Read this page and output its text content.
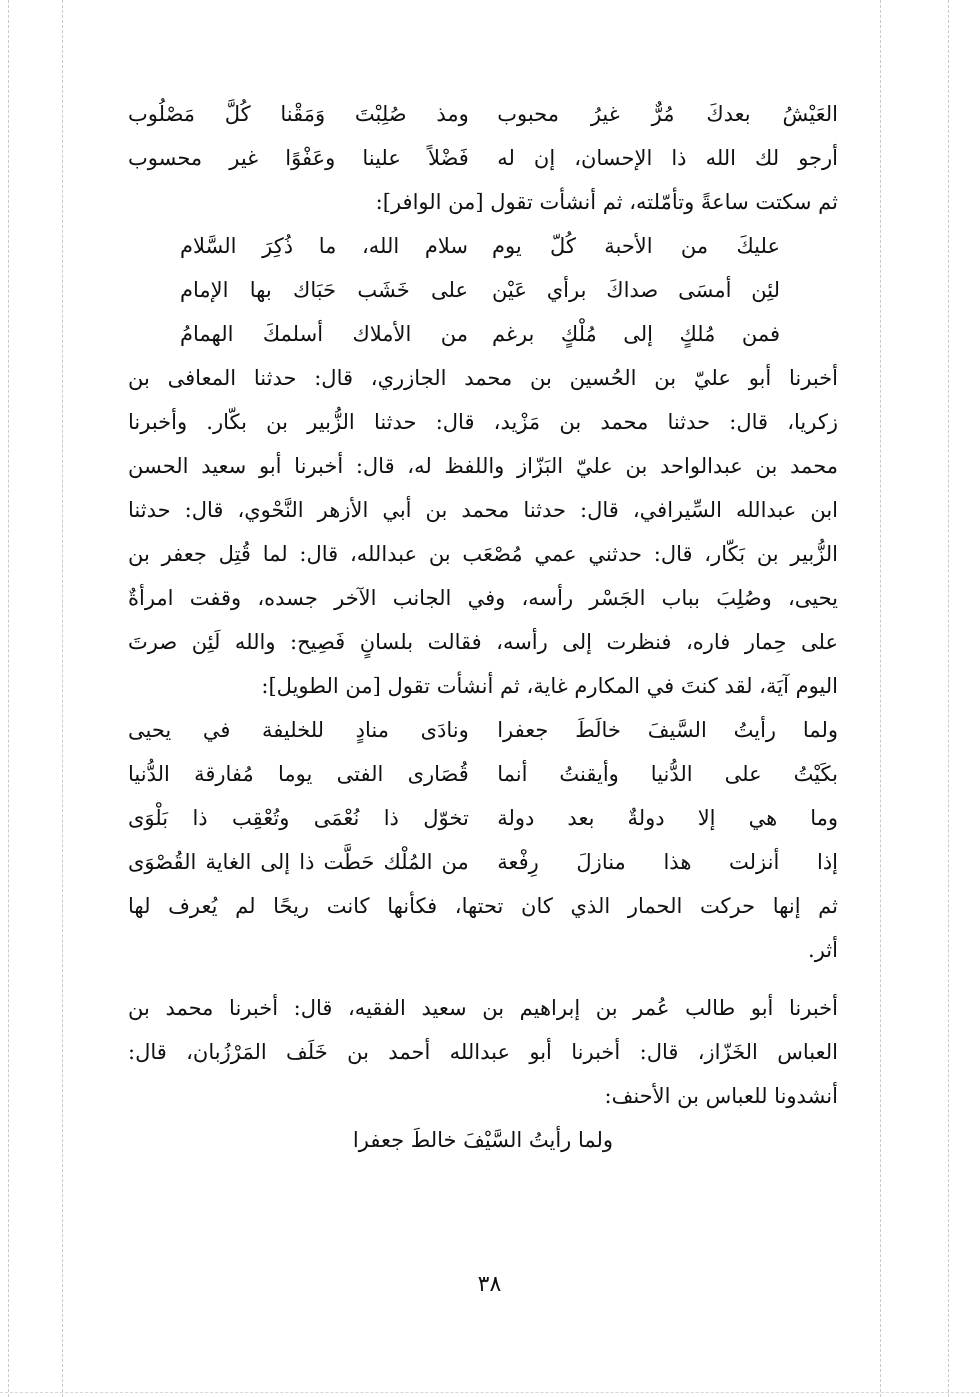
العَيْشُ بعدكَ مُرٌّ غيرُ محبوب
ومذ صُلِبْتَ وَمَقْنا كُلَّ مَصْلُوب
أرجو لك الله ذا الإحسان، إن له
فَضْلاً علينا وعَفْوًا غير محسوب
ثم سكتت ساعةً وتأمّلته، ثم أنشأت تقول [من الوافر]:
عليكَ من الأحبة كُلّ يوم
سلام الله، ما ذُكِرَ السَّلام
لئِن أمسَى صداكَ برأي عَيْن
على خَشَب حَبَاك بها الإمام
فمن مُلكٍ إلى مُلْكٍ برغم
من الأملاك أسلمكَ الهمامُ
أخبرنا أبو عليّ بن الحُسين بن محمد الجازري، قال: حدثنا المعافى بن
زكريا، قال: حدثنا محمد بن مَزْيد، قال: حدثنا الزُّبير بن بكّار. وأخبرنا
محمد بن عبدالواحد بن عليّ البَزّاز واللفظ له، قال: أخبرنا أبو سعيد الحسن
ابن عبدالله السِّيرافي، قال: حدثنا محمد بن أبي الأزهر النَّحْوي، قال: حدثنا
الزُّبير بن بَكّار، قال: حدثني عمي مُصْعَب بن عبدالله، قال: لما قُتِل جعفر بن
يحيى، وصُلِبَ بباب الجَسْر رأسه، وفي الجانب الآخر جسده، وقفت امرأةٌ
على حِمار فاره، فنظرت إلى رأسه، فقالت بلسانٍ فَصِيح: والله لَئِن صرتَ
اليوم آيَة، لقد كنتَ في المكارم غاية، ثم أنشأت تقول [من الطويل]:
ولما رأيتُ السَّيفَ خالَطَ جعفرا
ونادَى منادٍ للخليفة في يحيى
بكَيْتُ على الدُّنيا وأيقنتُ أنما
قُصَارى الفتى يوما مُفارقة الدُّنيا
وما هي إلا دولةٌ بعد دولة
تخوّل ذا نُعْمَى وتُعْقِب ذا بَلْوَى
إذا أنزلت هذا منازلَ رِفْعة
من المُلْك حَطَّت ذا إلى الغاية القُصْوَى
ثم إنها حركت الحمار الذي كان تحتها، فكأنها كانت ريحًا لم يُعرف لها
أثر.
أخبرنا أبو طالب عُمر بن إبراهيم بن سعيد الفقيه، قال: أخبرنا محمد بن
العباس الخَزّاز، قال: أخبرنا أبو عبدالله أحمد بن خَلَف المَرْزُبان، قال:
أنشدونا للعباس بن الأحنف:
ولما رأيتُ السَّيْفَ خالطَ جعفرا
٣٨
